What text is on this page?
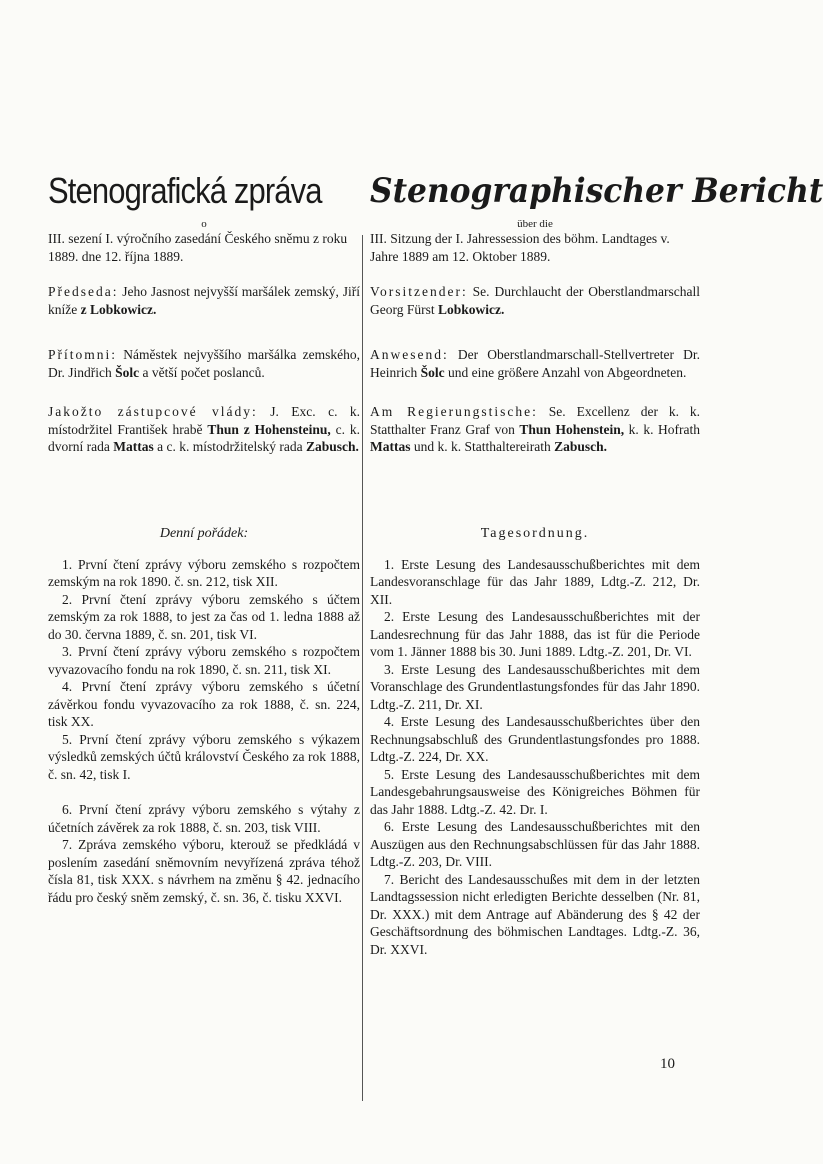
Stenografická zpráva
o

III. sezení I. výročního zasedání Českého sněmu z roku 1889. dne 12. října 1889.

Předseda: Jeho Jasnost nejvyšší maršálek zemský, Jiří kníže z Lobkowicz.

Přítomni: Náměstek nejvyššího maršálka zemského, Dr. Jindřich Šolc a větší počet poslanců.

Jakožto zástupcové vlády: J. Exc. c. k. místodržitel František hrabě Thun z Hohensteinu, c. k. dvorní rada Mattas a c. k. místodržitelský rada Zabusch.

Denní pořádek:

1. První čtení zprávy výboru zemského s rozpočtem zemským na rok 1890. č. sn. 212, tisk XII.

2. První čtení zprávy výboru zemského s účtem zemským za rok 1888, to jest za čas od 1. ledna 1888 až do 30. června 1889, č. sn. 201, tisk VI.

3. První čtení zprávy výboru zemského s rozpočtem vyvazovacího fondu na rok 1890, č. sn. 211, tisk XI.

4. První čtení zprávy výboru zemského s účetní závěrkou fondu vyvazovacího za rok 1888, č. sn. 224, tisk XX.

5. První čtení zprávy výboru zemského s výkazem výsledků zemských účtů království Českého za rok 1888, č. sn. 42, tisk I.

6. První čtení zprávy výboru zemského s výtahy z účetních závěrek za rok 1888, č. sn. 203, tisk VIII.

7. Zpráva zemského výboru, kterouž se předkládá v poslením zasedání sněmovním nevyřízená zpráva téhož čísla 81, tisk XXX. s návrhem na změnu § 42. jednacího řádu pro český sněm zemský, č. sn. 36, č. tisku XXVI.

Stenographischer Bericht
über die

III. Sitzung der I. Jahressession des böhm. Landtages v. Jahre 1889 am 12. Oktober 1889.

Vorsitzender: Se. Durchlaucht der Oberstlandmarschall Georg Fürst Lobkowicz.

Anwesend: Der Oberstlandmarschall-Stellvertreter Dr. Heinrich Šolc und eine größere Anzahl von Abgeordneten.

Am Regierungstische: Se. Excellenz der k. k. Statthalter Franz Graf von Thun Hohenstein, k. k. Hofrath Mattas und k. k. Statthaltereirath Zabusch.

Tagesordnung.

1. Erste Lesung des Landesausschußberichtes mit dem Landesvoranschlage für das Jahr 1889, Ldtg.-Z. 212, Dr. XII.

2. Erste Lesung des Landesausschußberichtes mit der Landesrechnung für das Jahr 1888, das ist für die Periode vom 1. Jänner 1888 bis 30. Juni 1889. Ldtg.-Z. 201, Dr. VI.

3. Erste Lesung des Landesausschußberichtes mit dem Voranschlage des Grundentlastungsfondes für das Jahr 1890. Ldtg.-Z. 211, Dr. XI.

4. Erste Lesung des Landesausschußberichtes über den Rechnungsabschluß des Grundentlastungsfondes pro 1888. Ldtg.-Z. 224, Dr. XX.

5. Erste Lesung des Landesausschußberichtes mit dem Landesgebahrungsausweise des Königreiches Böhmen für das Jahr 1888. Ldtg.-Z. 42. Dr. I.

6. Erste Lesung des Landesausschußberichtes mit den Auszügen aus den Rechnungsabschlüssen für das Jahr 1888. Ldtg.-Z. 203, Dr. VIII.

7. Bericht des Landesausschußes mit dem in der letzten Landtagssession nicht erledigten Berichte desselben (Nr. 81, Dr. XXX.) mit dem Antrage auf Abänderung des § 42 der Geschäftsordnung des böhmischen Landtages. Ldtg.-Z. 36, Dr. XXVI.

10
